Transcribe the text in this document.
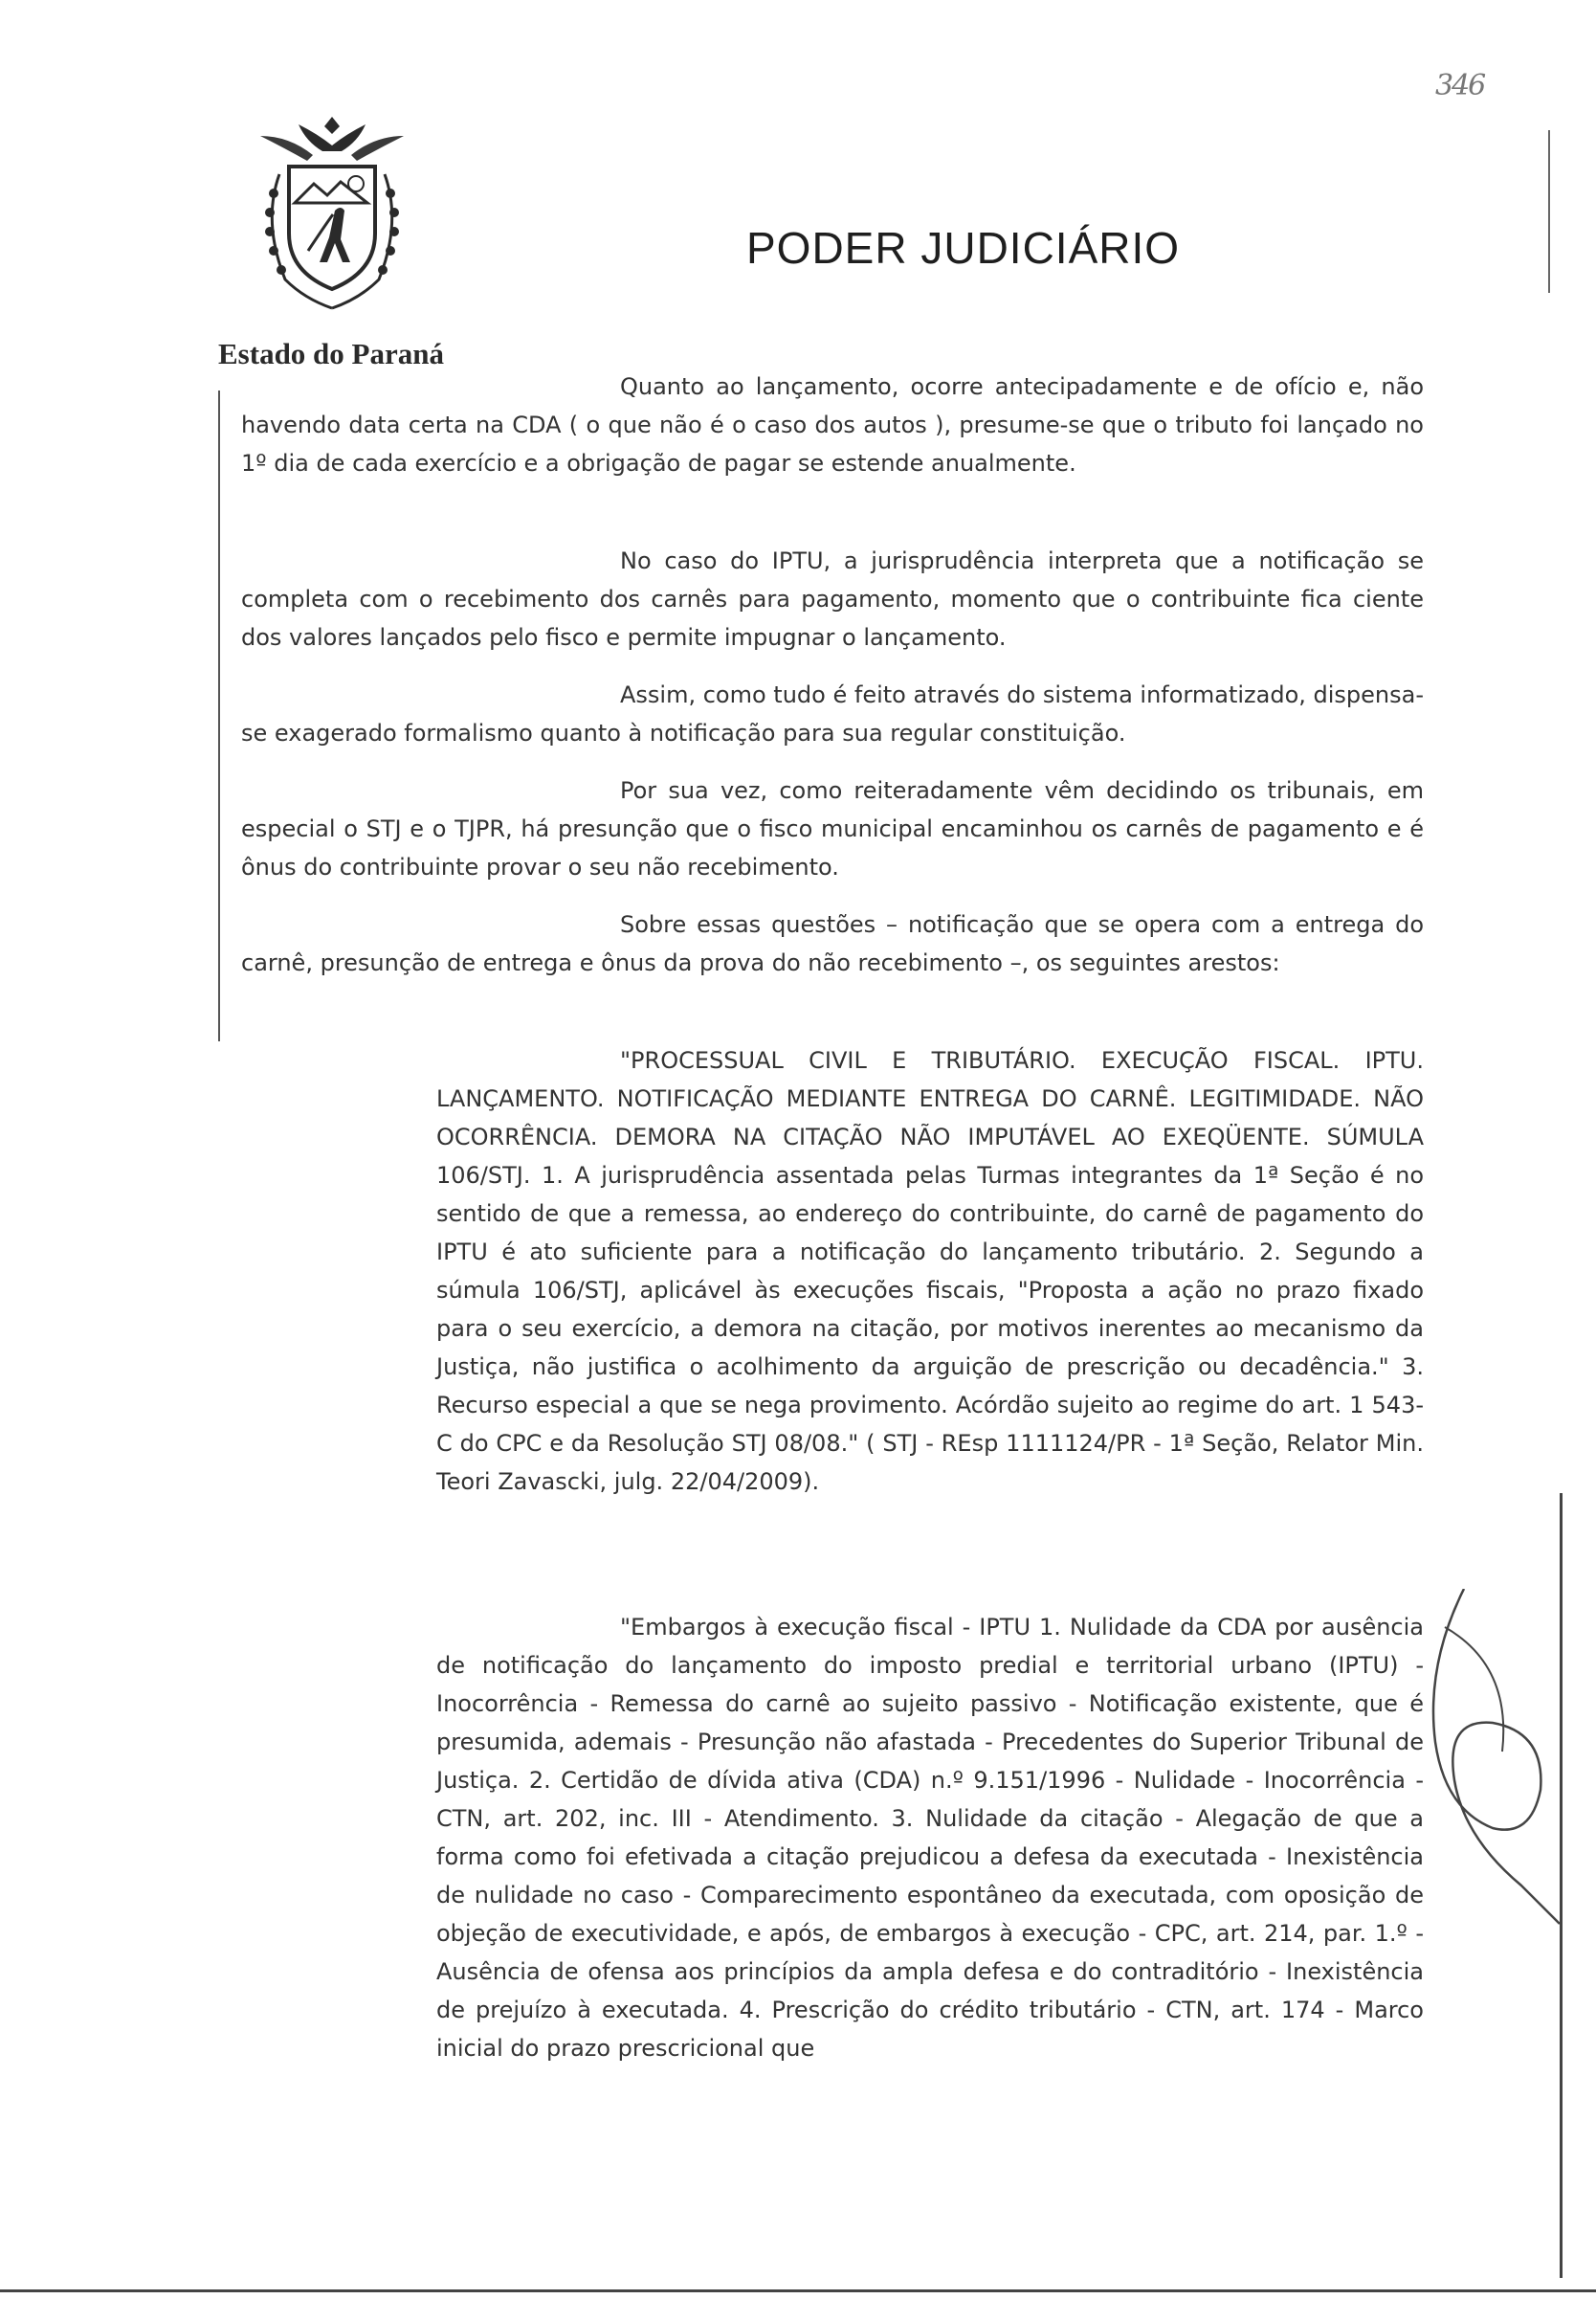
346
PODER JUDICIÁRIO
Estado do Paraná

Quanto ao lançamento, ocorre antecipadamente e de ofício e, não havendo data certa na CDA ( o que não é o caso dos autos ), presume-se que o tributo foi lançado no 1º dia de cada exercício e a obrigação de pagar se estende anualmente.

No caso do IPTU, a jurisprudência interpreta que a notificação se completa com o recebimento dos carnês para pagamento, momento que o contribuinte fica ciente dos valores lançados pelo fisco e permite impugnar o lançamento.

Assim, como tudo é feito através do sistema informatizado, dispensa-se exagerado formalismo quanto à notificação para sua regular constituição.

Por sua vez, como reiteradamente vêm decidindo os tribunais, em especial o STJ e o TJPR, há presunção que o fisco municipal encaminhou os carnês de pagamento e é ônus do contribuinte provar o seu não recebimento.

Sobre essas questões – notificação que se opera com a entrega do carnê, presunção de entrega e ônus da prova do não recebimento –, os seguintes arestos:

"PROCESSUAL CIVIL E TRIBUTÁRIO. EXECUÇÃO FISCAL. IPTU. LANÇAMENTO. NOTIFICAÇÃO MEDIANTE ENTREGA DO CARNÊ. LEGITIMIDADE. NÃO OCORRÊNCIA. DEMORA NA CITAÇÃO NÃO IMPUTÁVEL AO EXEQÜENTE. SÚMULA 106/STJ. 1. A jurisprudência assentada pelas Turmas integrantes da 1ª Seção é no sentido de que a remessa, ao endereço do contribuinte, do carnê de pagamento do IPTU é ato suficiente para a notificação do lançamento tributário. 2. Segundo a súmula 106/STJ, aplicável às execuções fiscais, "Proposta a ação no prazo fixado para o seu exercício, a demora na citação, por motivos inerentes ao mecanismo da Justiça, não justifica o acolhimento da arguição de prescrição ou decadência." 3. Recurso especial a que se nega provimento. Acórdão sujeito ao regime do art. 1 543-C do CPC e da Resolução STJ 08/08." ( STJ - REsp 1111124/PR - 1ª Seção, Relator Min. Teori Zavascki, julg. 22/04/2009).

"Embargos à execução fiscal - IPTU 1. Nulidade da CDA por ausência de notificação do lançamento do imposto predial e territorial urbano (IPTU) - Inocorrência - Remessa do carnê ao sujeito passivo - Notificação existente, que é presumida, ademais - Presunção não afastada - Precedentes do Superior Tribunal de Justiça. 2. Certidão de dívida ativa (CDA) n.º 9.151/1996 - Nulidade - Inocorrência - CTN, art. 202, inc. III - Atendimento. 3. Nulidade da citação - Alegação de que a forma como foi efetivada a citação prejudicou a defesa da executada - Inexistência de nulidade no caso - Comparecimento espontâneo da executada, com oposição de objeção de executividade, e após, de embargos à execução - CPC, art. 214, par. 1.º - Ausência de ofensa aos princípios da ampla defesa e do contraditório - Inexistência de prejuízo à executada. 4. Prescrição do crédito tributário - CTN, art. 174 - Marco inicial do prazo prescricional que
